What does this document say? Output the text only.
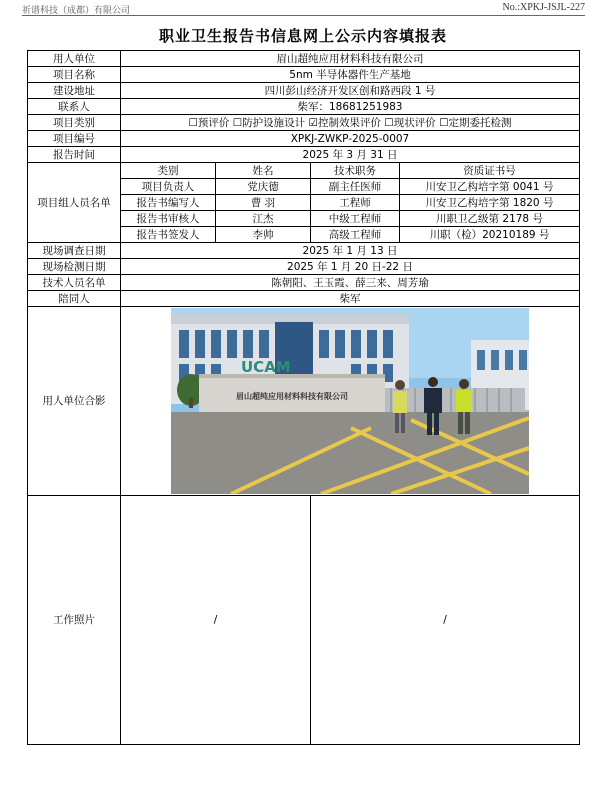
祈谱科技（成都）有限公司	No.:XPKJ-JSJL-227
职业卫生报告书信息网上公示内容填报表
用人单位	眉山超纯应用材料科技有限公司			
项目名称	5nm 半导体器件生产基地			
建设地址	四川彭山经济开发区创和路西段 1 号			
联系人	柴军：18681251983			
项目类别	☐预评价 ☐防护设施设计 ☑控制效果评价 ☐现状评价 ☐定期委托检测			
项目编号	XPKJ-ZWKP-2025-0007			
报告时间	2025 年 3 月 31 日			
项目组人员名单	类别	姓名	技术职务	资质证书号
	项目负责人	党庆德	副主任医师	川安卫乙构培字第 0041 号
	报告书编写人	曹 羽	工程师	川安卫乙构培字第 1820 号
	报告书审核人	江杰	中级工程师	川职卫乙级第 2178 号
	报告书签发人	李帅	高级工程师	川职（检）20210189 号
现场调查日期	2025 年 1 月 13 日			
现场检测日期	2025 年 1 月 20 日-22 日			
技术人员名单	陈朝阳、王玉霞、薛三来、周芳瑜			
陪同人	柴军			
用人单位合影	UCAM
眉山超纯应用材料科技有限公司			

工作照片	/		/	
